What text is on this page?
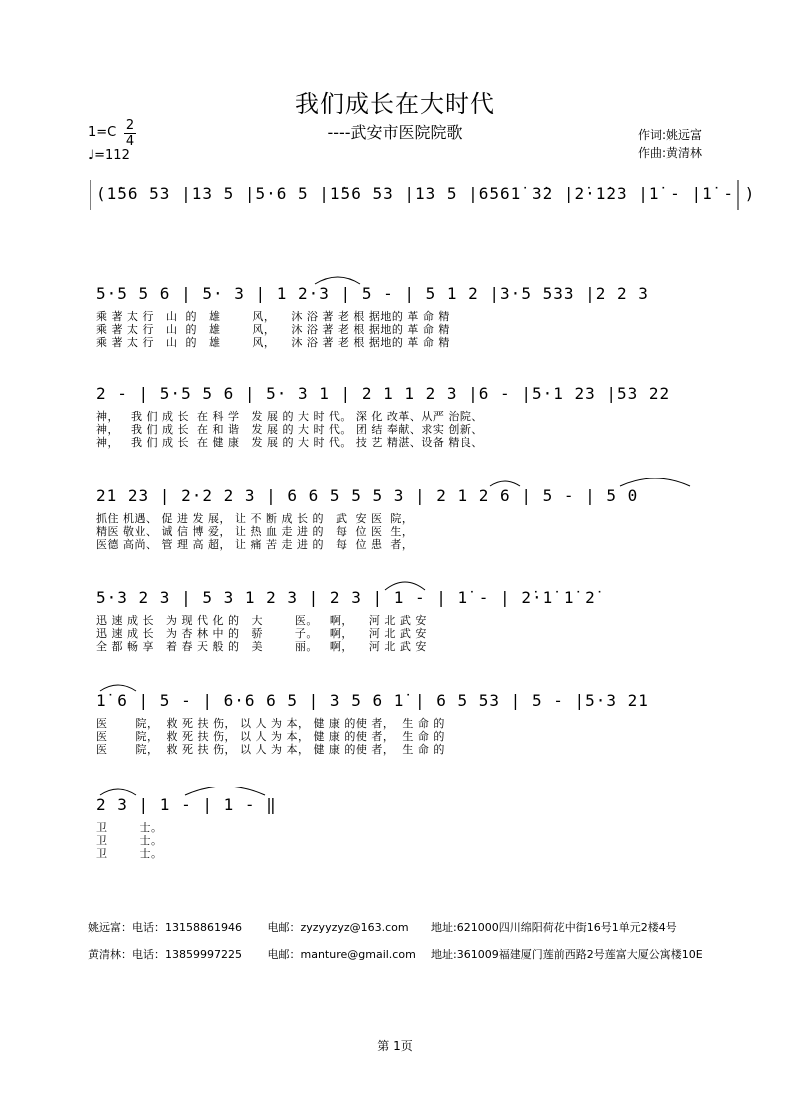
我们成长在大时代
----武安市医院院歌
1=C 2
4
♩=112
作词:姚远富
作曲:黄清林
(1̇56 53 |13 5 |5·6 5 |1̇56 53 |13 5 |6561̇ 3̇2 |2̇·1̇23 |1̇ - |1̇ - )
5·5 5 6 | 5· 3 | 1 2·3 | 5 - | 5 1 2 |3·5 533 |2 2 3
乘 著 太 行   山  的   雄        风，    沐 浴 著 老 根 据地的 革 命 精
乘 著 太 行   山  的   雄        风，    沐 浴 著 老 根 据地的 革 命 精
乘 著 太 行   山  的   雄        风，    沐 浴 著 老 根 据地的 革 命 精
2 - | 5·5 5 6 | 5· 3 1 | 2 1 1 2 3 |6 - |5·1 23 |53 22
神，   我 们 成 长  在 科 学   发 展 的 大 时 代。 深 化 改革、从严 治院、
神，   我 们 成 长  在 和 谐   发 展 的 大 时 代。 团 结 奉献、求实 创新、
神，   我 们 成 长  在 健 康   发 展 的 大 时 代。 技 艺 精湛、设备 精良、
21 23 | 2·2 2 3 | 6 6 5 5 5 3 | 2 1 2 6 | 5 - | 5 0
抓住 机遇、 促 进 发 展， 让 不 断 成 长 的   武  安 医  院，
精医 敬业、 诚 信 博 爱， 让 热 血 走 进 的   每  位 医  生，
医德 高尚、 管 理 高 超， 让 痛 苦 走 进 的   每  位 患  者，
5·3 2 3 | 5 3 1 2 3 | 2 3 | 1 - | 1̇ - | 2̇·1̇ 1̇ 2̇
迅 速 成 长   为 现 代 化 的   大        医。   啊，    河 北 武 安
迅 速 成 长   为 杏 林 中 的   骄        子。   啊，    河 北 武 安
全 都 畅 享   着 春 天 般 的   美        丽。   啊，    河 北 武 安
1̇ 6 | 5 - | 6·6 6 5 | 3 5 6 1̇ | 6 5 53 | 5 - |5·3 21
医       院，  救 死 扶 伤， 以 人 为 本， 健 康 的使 者，  生 命 的
医       院，  救 死 扶 伤， 以 人 为 本， 健 康 的使 者，  生 命 的
医       院，  救 死 扶 伤， 以 人 为 本， 健 康 的使 者，  生 命 的
2 3 | 1 - | 1 - ‖
卫        士。
卫        士。
卫        士。
姚远富：电话：13158861946 电邮：zyzyyzyz@163.com 地址:621000四川绵阳荷花中街16号1单元2楼4号
黄清林：电话：13859997225 电邮：manture@gmail.com 地址:361009福建厦门莲前西路2号莲富大厦公寓楼10E
第 1页
